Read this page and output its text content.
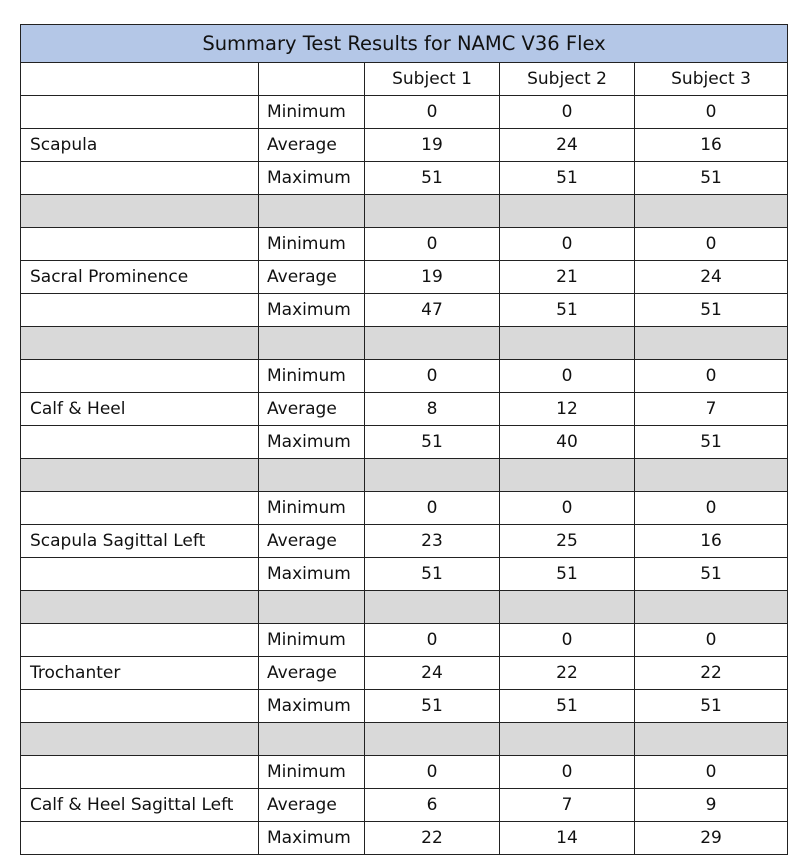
Summary Test Results for NAMC V36 Flex				
		Subject 1	Subject 2	Subject 3
	Minimum	0	0	0
Scapula	Average	19	24	16
	Maximum	51	51	51

	Minimum	0	0	0
Sacral Prominence	Average	19	21	24
	Maximum	47	51	51

	Minimum	0	0	0
Calf & Heel	Average	8	12	7
	Maximum	51	40	51

	Minimum	0	0	0
Scapula Sagittal Left	Average	23	25	16
	Maximum	51	51	51

	Minimum	0	0	0
Trochanter	Average	24	22	22
	Maximum	51	51	51

	Minimum	0	0	0
Calf & Heel Sagittal Left	Average	6	7	9
	Maximum	22	14	29
